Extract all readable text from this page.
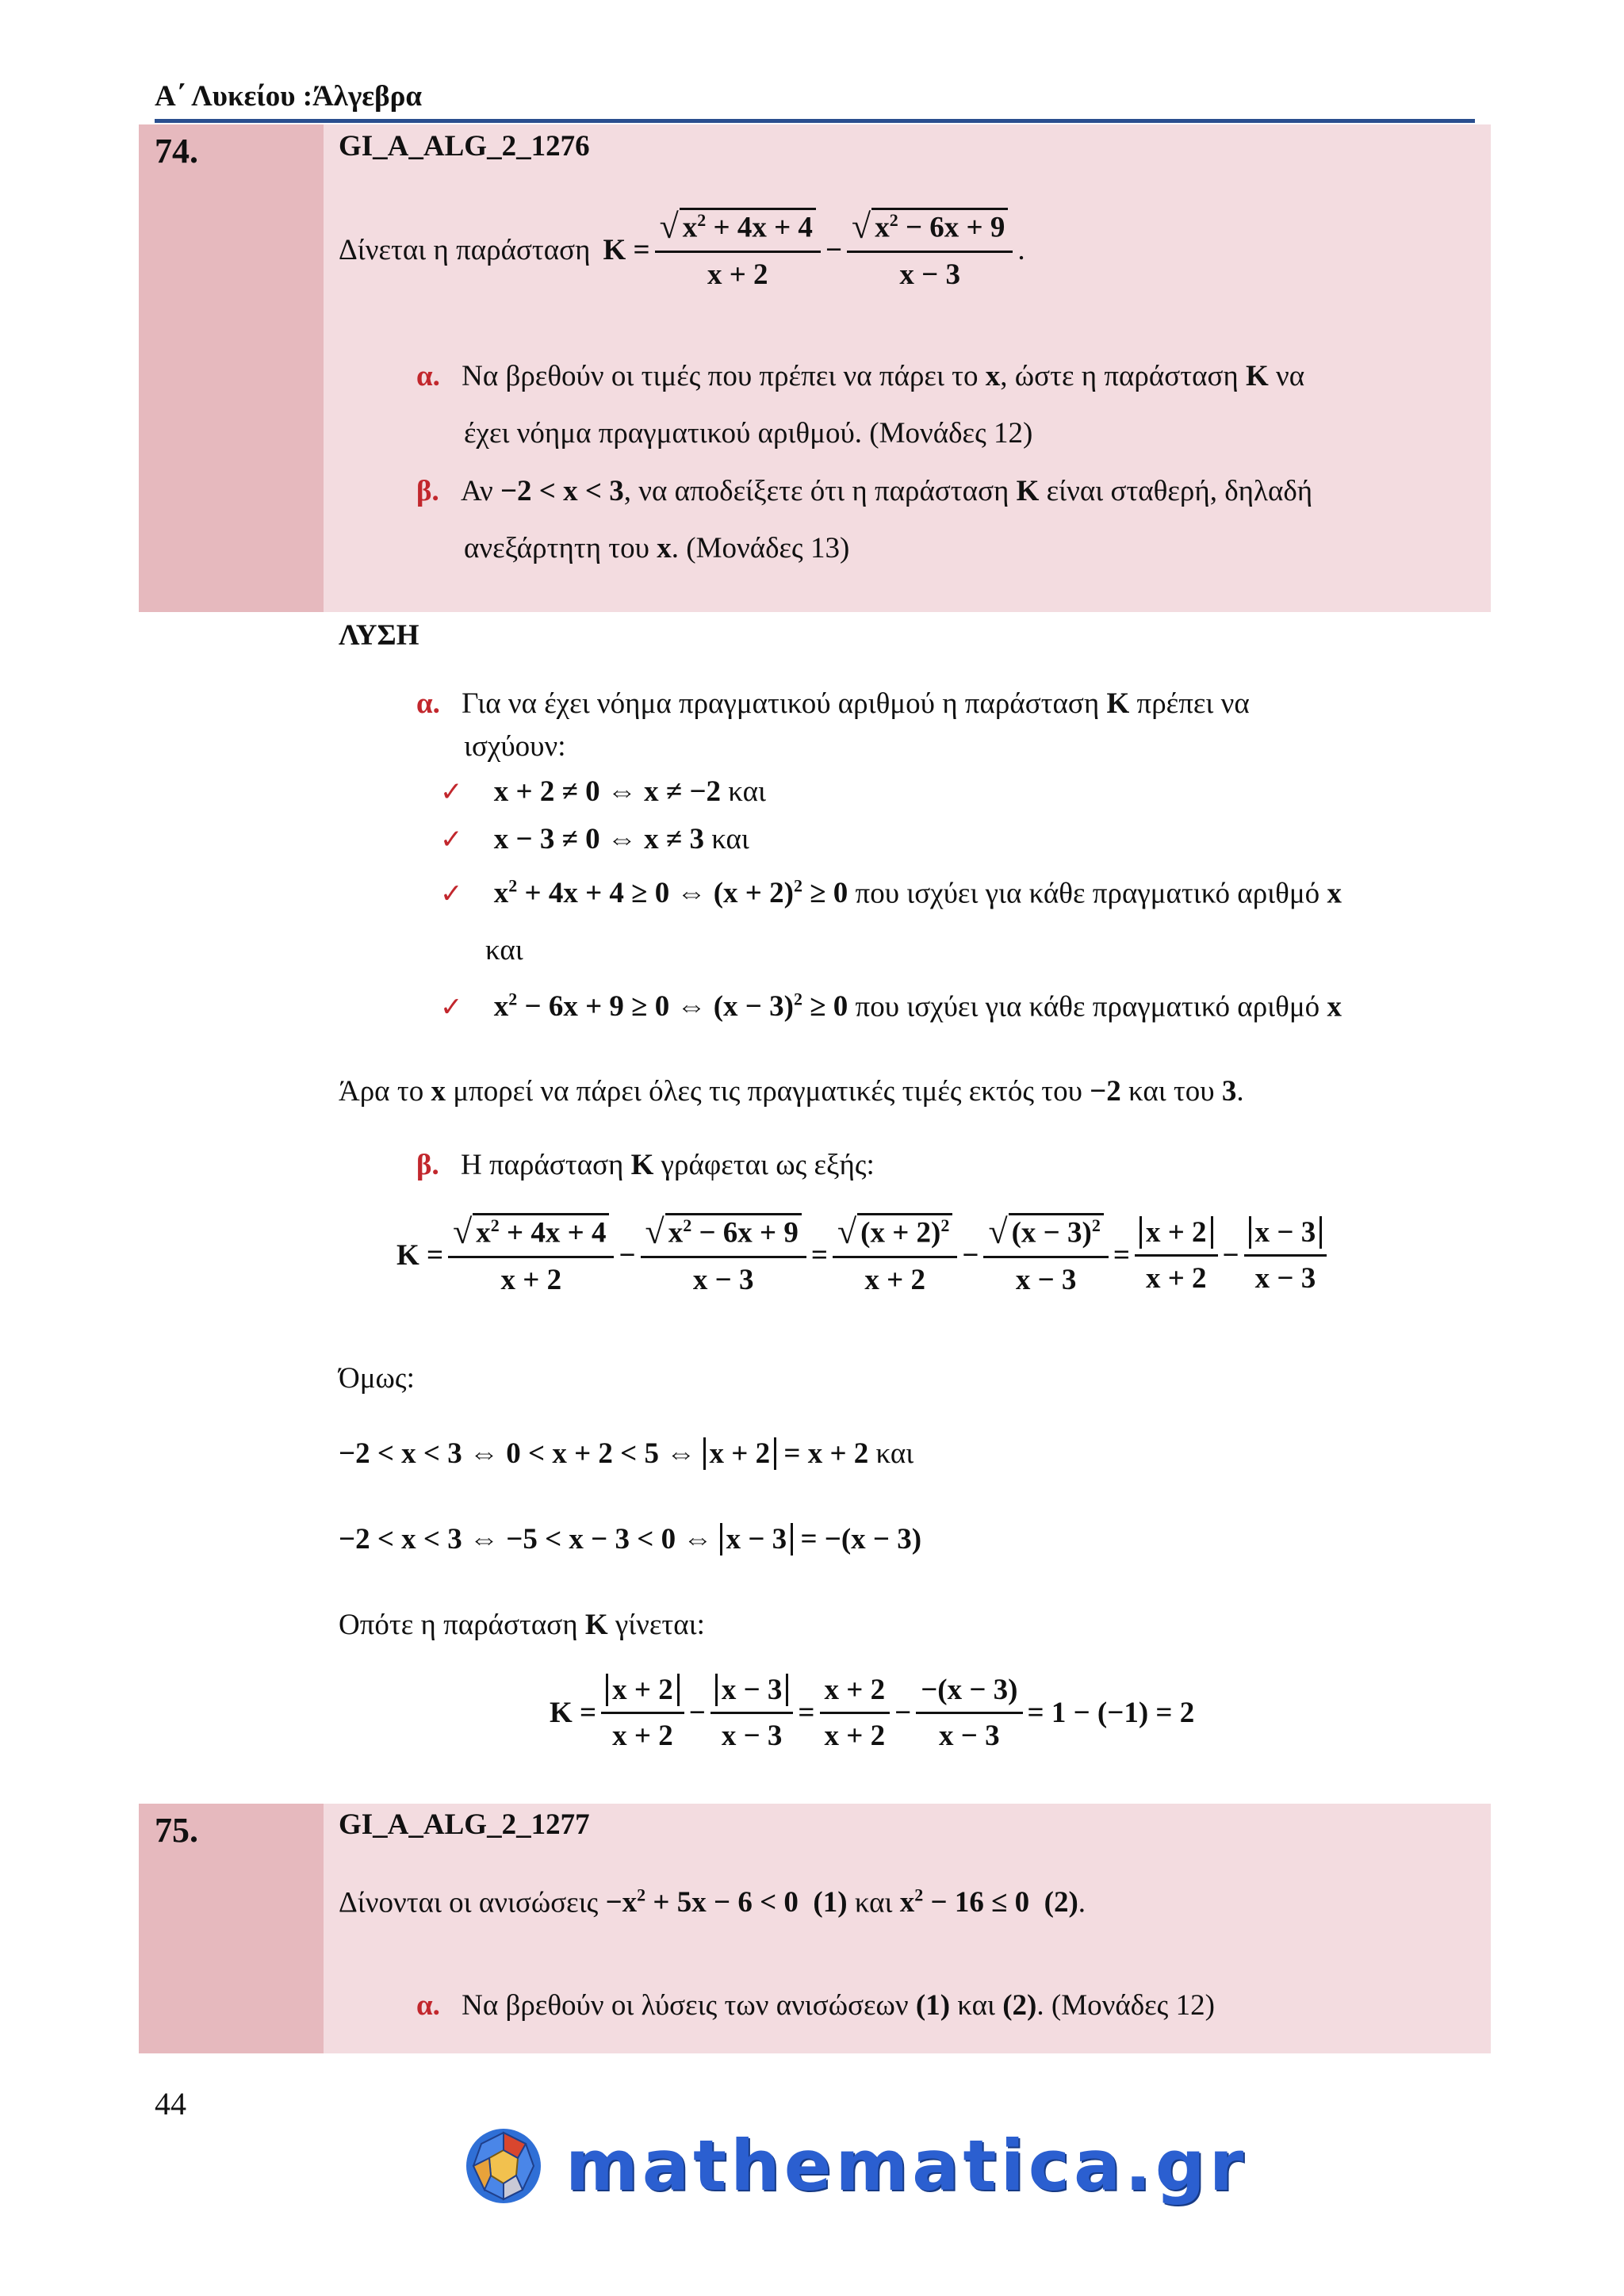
Α΄ Λυκείου :Άλγεβρα
74.	GI_A_ALG_2_1276
Δίνεται η παράσταση $K = \frac{√ x^2 + 4x + 4}{x + 2} - \frac{√ x^2 - 6x + 9}{x - 3}$ .
α. Να βρεθούν οι τιμές που πρέπει να πάρει το x, ώστε η παράσταση K να
έχει νόημα πραγματικού αριθμού. (Μονάδες 12)
β. Αν −2 < x < 3, να αποδείξετε ότι η παράσταση K είναι σταθερή, δηλαδή
ανεξάρτητη του x. (Μονάδες 13)
ΛΥΣΗ
α. Για να έχει νόημα πραγματικού αριθμού η παράσταση K πρέπει να
ισχύουν:
✓ x + 2 ≠ 0 ⇔ x ≠ −2 και
✓ x − 3 ≠ 0 ⇔ x ≠ 3 και
✓ $x^2 + 4x + 4 \ge 0$ ⇔ $(x + 2)^2 \ge 0$ που ισχύει για κάθε πραγματικό αριθμό x
και
✓ $x^2 - 6x + 9 \ge 0$ ⇔ $(x - 3)^2 \ge 0$ που ισχύει για κάθε πραγματικό αριθμό x
Άρα το x μπορεί να πάρει όλες τις πραγματικές τιμές εκτός του −2 και του 3.
β. Η παράσταση K γράφεται ως εξής:
$K = \frac{√ x^2 + 4x + 4}{x + 2} - \frac{√ x^2 - 6x + 9}{x - 3} = \frac{√ (x + 2)^2}{x + 2} - \frac{√ (x - 3)^2}{x - 3} = \frac{x + 2}{x + 2} - \frac{x - 3}{x - 3}$
Όμως:
−2 < x < 3 ⇔ 0 < x + 2 < 5 ⇔ x + 2 = x + 2 και
−2 < x < 3 ⇔ −5 < x − 3 < 0 ⇔ x − 3 = −(x − 3)
Οπότε η παράσταση K γίνεται:
$K = \frac{x + 2}{x + 2} - \frac{x - 3}{x - 3} = \frac{x + 2}{x + 2} - \frac{-(x - 3)}{x - 3} = 1 - (-1) = 2$
75.	GI_A_ALG_2_1277
Δίνονται οι $\alpha\nu\iota\sigma ώ\sigma\varepsilon\iota\varsigma -x^2 + 5x - 6 < 0$  (1) και $x^2 - 16 \le 0$  (2).
α. Να βρεθούν οι λύσεις των ανισώσεων (1) και (2). (Μονάδες 12)
44
mathematica.gr
